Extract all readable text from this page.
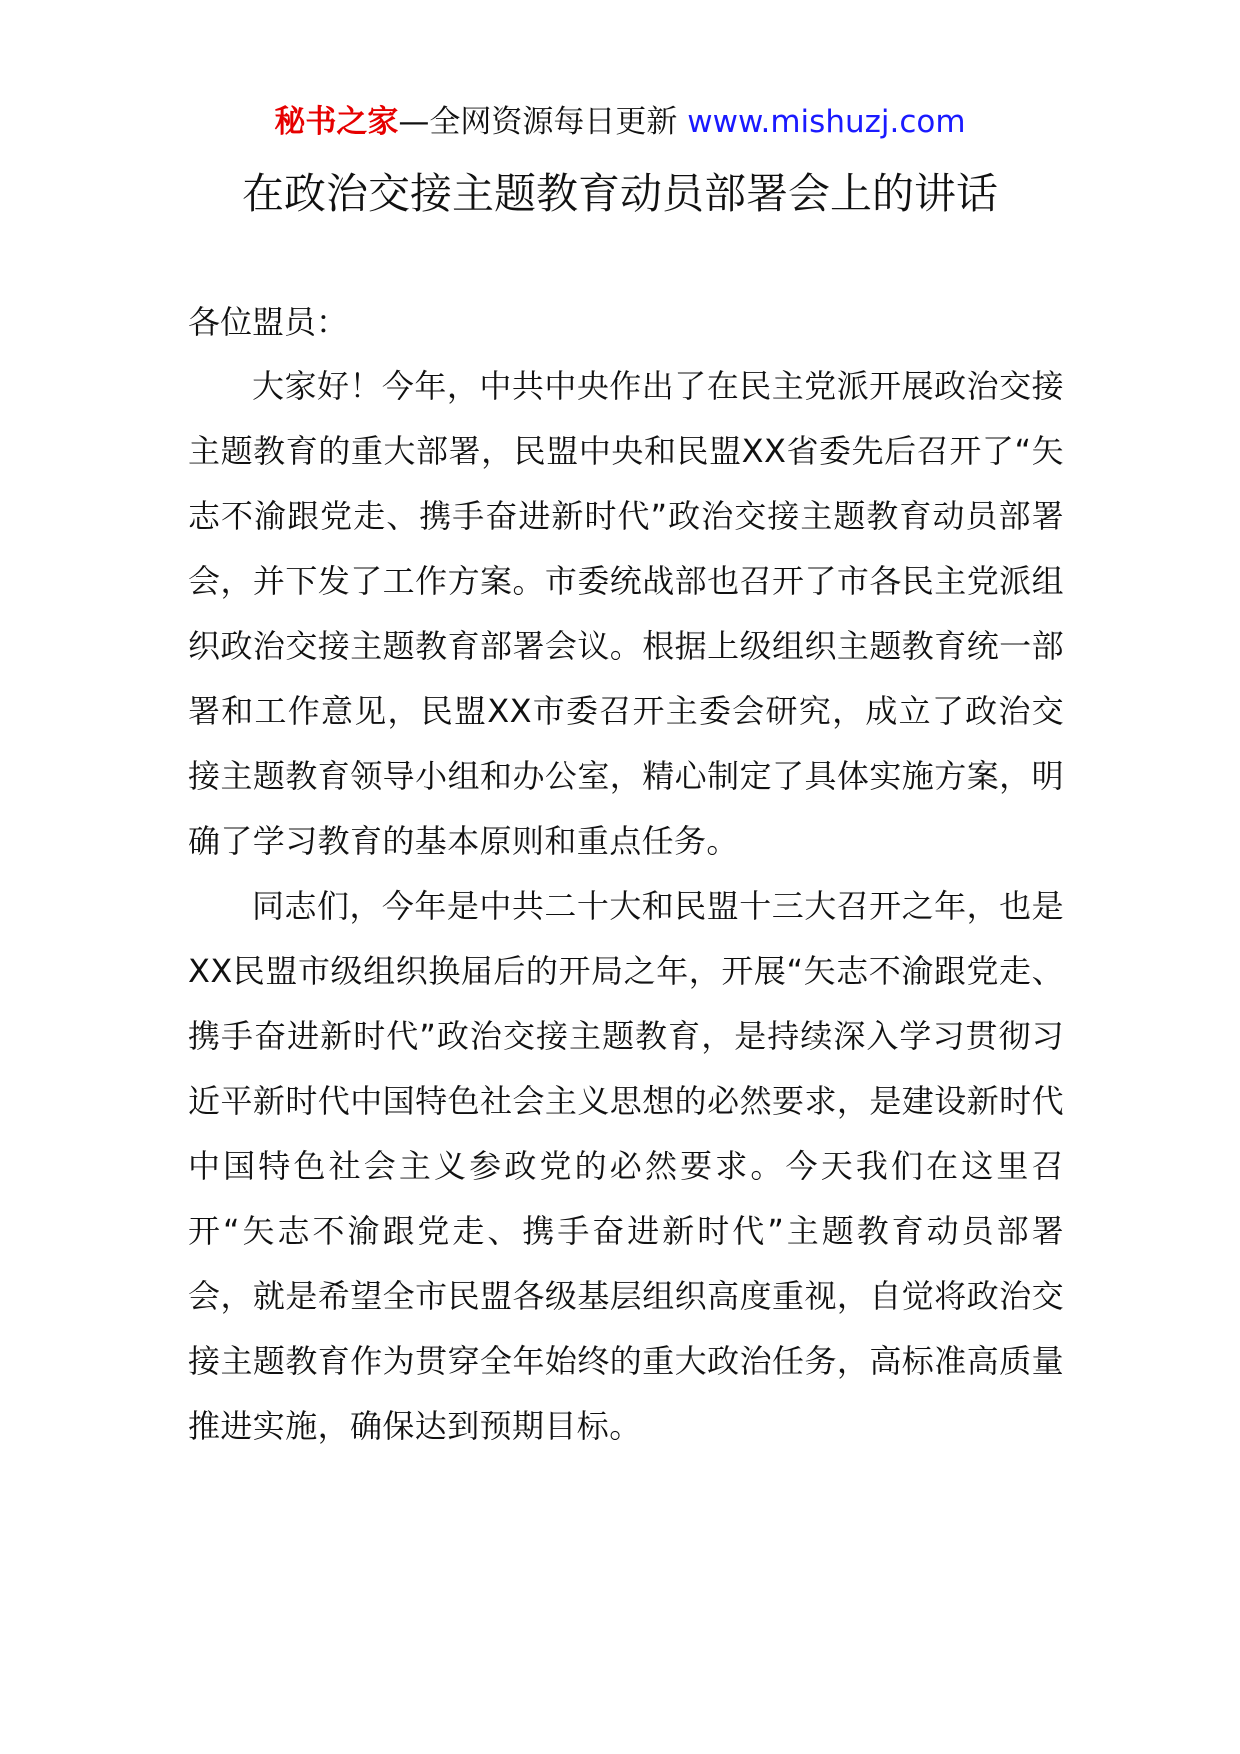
秘书之家—全网资源每日更新 www.mishuzj.com
在政治交接主题教育动员部署会上的讲话

各位盟员：

大家好！今年，中共中央作出了在民主党派开展政治交接主题教育的重大部署，民盟中央和民盟XX省委先后召开了“矢志不渝跟党走、携手奋进新时代”政治交接主题教育动员部署会，并下发了工作方案。市委统战部也召开了市各民主党派组织政治交接主题教育部署会议。根据上级组织主题教育统一部署和工作意见，民盟XX市委召开主委会研究，成立了政治交接主题教育领导小组和办公室，精心制定了具体实施方案，明确了学习教育的基本原则和重点任务。

同志们，今年是中共二十大和民盟十三大召开之年，也是XX民盟市级组织换届后的开局之年，开展“矢志不渝跟党走、携手奋进新时代”政治交接主题教育，是持续深入学习贯彻习近平新时代中国特色社会主义思想的必然要求，是建设新时代中国特色社会主义参政党的必然要求。今天我们在这里召开“矢志不渝跟党走、携手奋进新时代”主题教育动员部署会，就是希望全市民盟各级基层组织高度重视，自觉将政治交接主题教育作为贯穿全年始终的重大政治任务，高标准高质量推进实施，确保达到预期目标。
